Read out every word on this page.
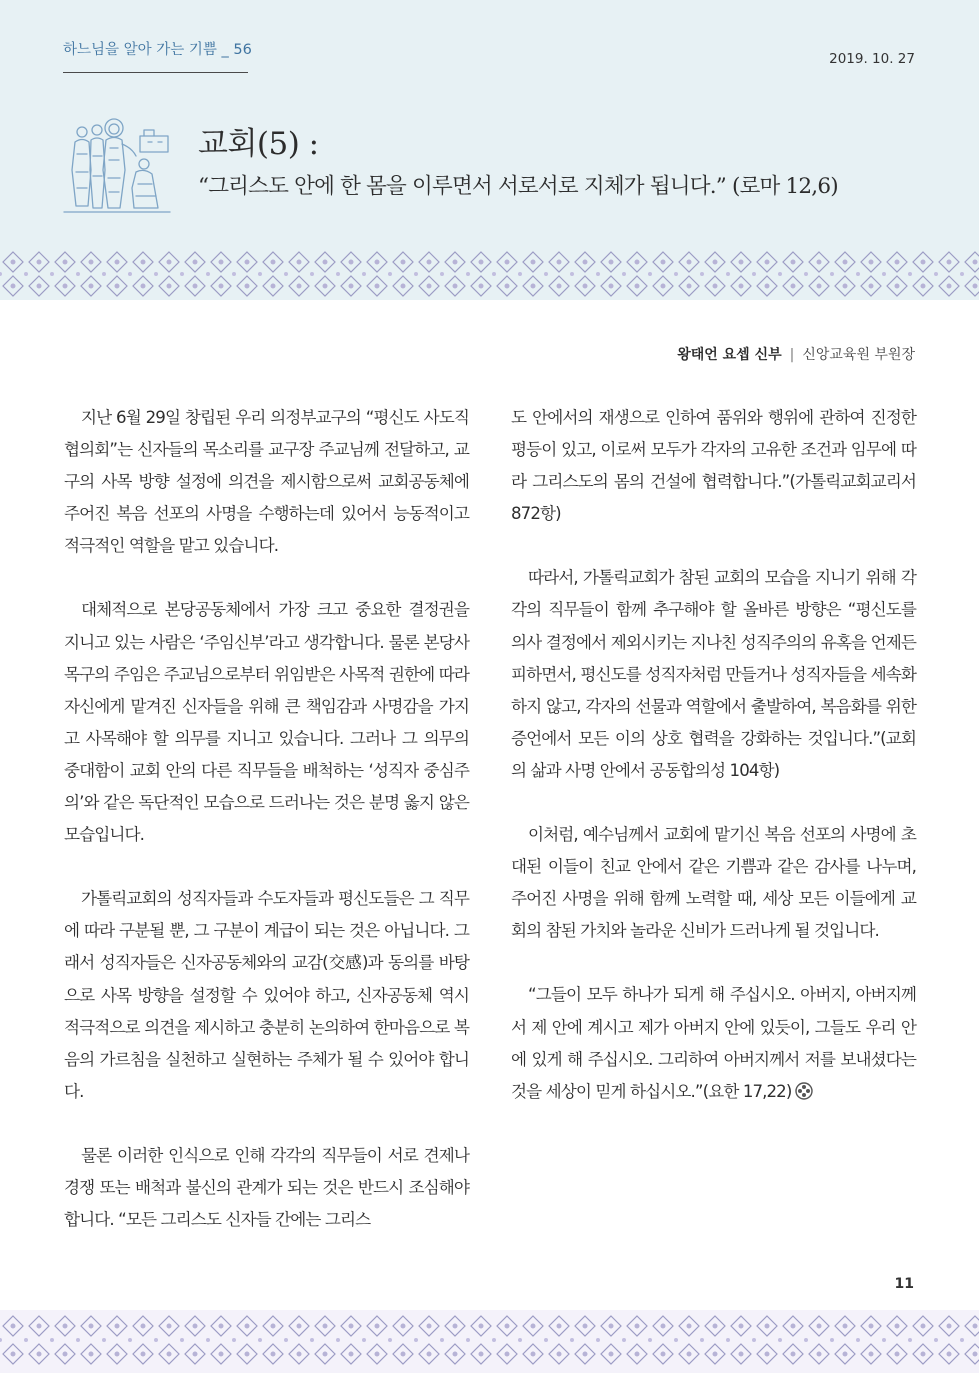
하느님을 알아 가는 기쁨 _ 56
2019. 10. 27
교회(5) :
“그리스도 안에 한 몸을 이루면서 서로서로 지체가 됩니다.” (로마 12,6)
왕태언 요셉 신부 | 신앙교육원 부원장

지난 6월 29일 창립된 우리 의정부교구의 “평신도 사도직협의회”는 신자들의 목소리를 교구장 주교님께 전달하고, 교구의 사목 방향 설정에 의견을 제시함으로써 교회공동체에 주어진 복음 선포의 사명을 수행하는데 있어서 능동적이고 적극적인 역할을 맡고 있습니다.

대체적으로 본당공동체에서 가장 크고 중요한 결정권을 지니고 있는 사람은 ‘주임신부’라고 생각합니다. 물론 본당사목구의 주임은 주교님으로부터 위임받은 사목적 권한에 따라 자신에게 맡겨진 신자들을 위해 큰 책임감과 사명감을 가지고 사목해야 할 의무를 지니고 있습니다. 그러나 그 의무의 중대함이 교회 안의 다른 직무들을 배척하는 ‘성직자 중심주의’와 같은 독단적인 모습으로 드러나는 것은 분명 옳지 않은 모습입니다.

가톨릭교회의 성직자들과 수도자들과 평신도들은 그 직무에 따라 구분될 뿐, 그 구분이 계급이 되는 것은 아닙니다. 그래서 성직자들은 신자공동체와의 교감(交感)과 동의를 바탕으로 사목 방향을 설정할 수 있어야 하고, 신자공동체 역시 적극적으로 의견을 제시하고 충분히 논의하여 한마음으로 복음의 가르침을 실천하고 실현하는 주체가 될 수 있어야 합니다.

물론 이러한 인식으로 인해 각각의 직무들이 서로 견제나 경쟁 또는 배척과 불신의 관계가 되는 것은 반드시 조심해야 합니다. “모든 그리스도 신자들 간에는 그리스

도 안에서의 재생으로 인하여 품위와 행위에 관하여 진정한 평등이 있고, 이로써 모두가 각자의 고유한 조건과 임무에 따라 그리스도의 몸의 건설에 협력합니다.”(가톨릭교회교리서 872항)

따라서, 가톨릭교회가 참된 교회의 모습을 지니기 위해 각각의 직무들이 함께 추구해야 할 올바른 방향은 “평신도를 의사 결정에서 제외시키는 지나친 성직주의의 유혹을 언제든 피하면서, 평신도를 성직자처럼 만들거나 성직자들을 세속화하지 않고, 각자의 선물과 역할에서 출발하여, 복음화를 위한 증언에서 모든 이의 상호 협력을 강화하는 것입니다.”(교회의 삶과 사명 안에서 공동합의성 104항)

이처럼, 예수님께서 교회에 맡기신 복음 선포의 사명에 초대된 이들이 친교 안에서 같은 기쁨과 같은 감사를 나누며, 주어진 사명을 위해 함께 노력할 때, 세상 모든 이들에게 교회의 참된 가치와 놀라운 신비가 드러나게 될 것입니다.

“그들이 모두 하나가 되게 해 주십시오. 아버지, 아버지께서 제 안에 계시고 제가 아버지 안에 있듯이, 그들도 우리 안에 있게 해 주십시오. 그리하여 아버지께서 저를 보내셨다는 것을 세상이 믿게 하십시오.”(요한 17,22)

11
